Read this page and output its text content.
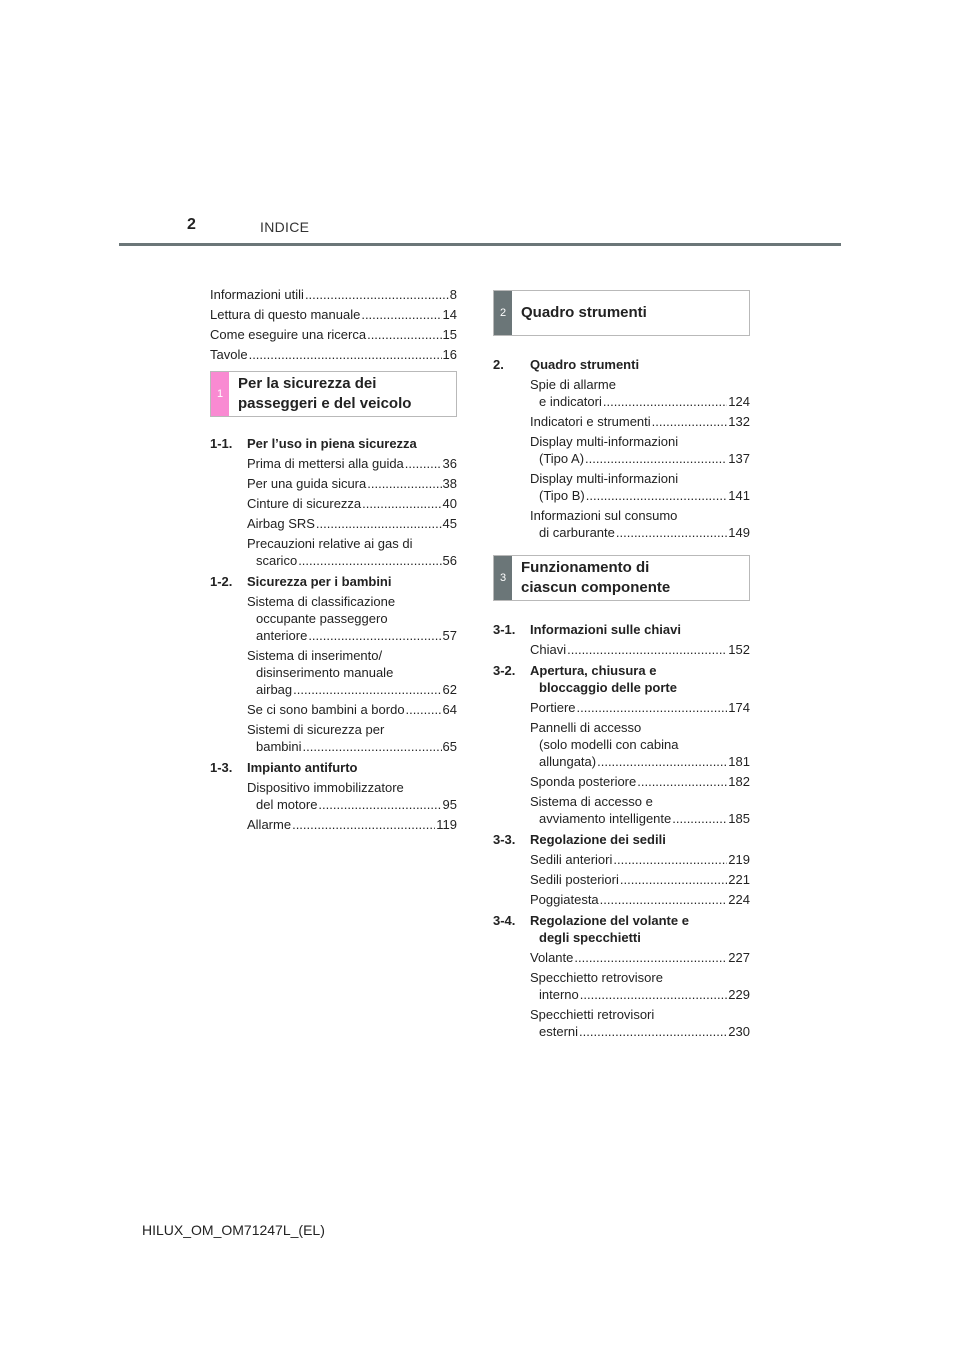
2	INDICE
Informazioni utili .....	8
Lettura di questo manuale .....	14
Come eseguire una ricerca .....	15
Tavole .....	16
1
Per la sicurezza dei
passeggeri e del veicolo
1-1.	Per l’uso in piena sicurezza
Prima di mettersi alla guida .....	36
Per una guida sicura .....	38
Cinture di sicurezza .....	40
Airbag SRS .....	45
Precauzioni relative ai gas di
scarico .....	56
1-2.	Sicurezza per i bambini
Sistema di classificazione
occupante passeggero
anteriore .....	57
Sistema di inserimento/
disinserimento manuale
airbag .....	62
Se ci sono bambini a bordo .....	64
Sistemi di sicurezza per
bambini .....	65
1-3.	Impianto antifurto
Dispositivo immobilizzatore
del motore .....	95
Allarme .....	119
2 Quadro strumenti
2.	Quadro strumenti
Spie di allarme
e indicatori .....	124
Indicatori e strumenti .....	132
Display multi-informazioni
(Tipo A) .....	137
Display multi-informazioni
(Tipo B) .....	141
Informazioni sul consumo
di carburante .....	149
3
Funzionamento di
ciascun componente
3-1.	Informazioni sulle chiavi
Chiavi .....	152
3-2.	Apertura, chiusura e
bloccaggio delle porte
Portiere .....	174
Pannelli di accesso
(solo modelli con cabina
allungata) .....	181
Sponda posteriore .....	182
Sistema di accesso e
avviamento intelligente .....	185
3-3.	Regolazione dei sedili
Sedili anteriori .....	219
Sedili posteriori .....	221
Poggiatesta .....	224
3-4.	Regolazione del volante e
degli specchietti
Volante .....	227
Specchietto retrovisore
interno .....	229
Specchietti retrovisori
esterni .....	230
HILUX_OM_OM71247L_(EL)
